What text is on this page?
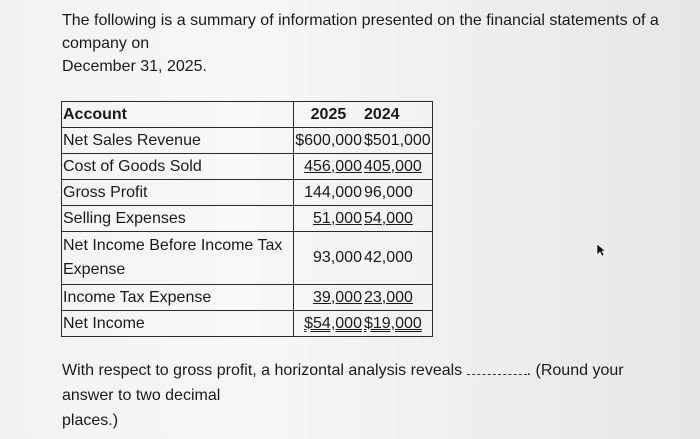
The following is a summary of information presented on the financial statements of a

company on

December 31, 2025.

Account	2025	2024
Net Sales Revenue	$600,000	$501,000
Cost of Goods Sold	456,000	405,000
Gross Profit	144,000	96,000
Selling Expenses	51,000	54,000
Net Income Before Income Tax Expense	93,000	42,000
Income Tax Expense	39,000	23,000
Net Income	$54,000	$19,000

With respect to gross profit, a horizontal analysis reveals	. (Round your

answer to two decimal

places.)
